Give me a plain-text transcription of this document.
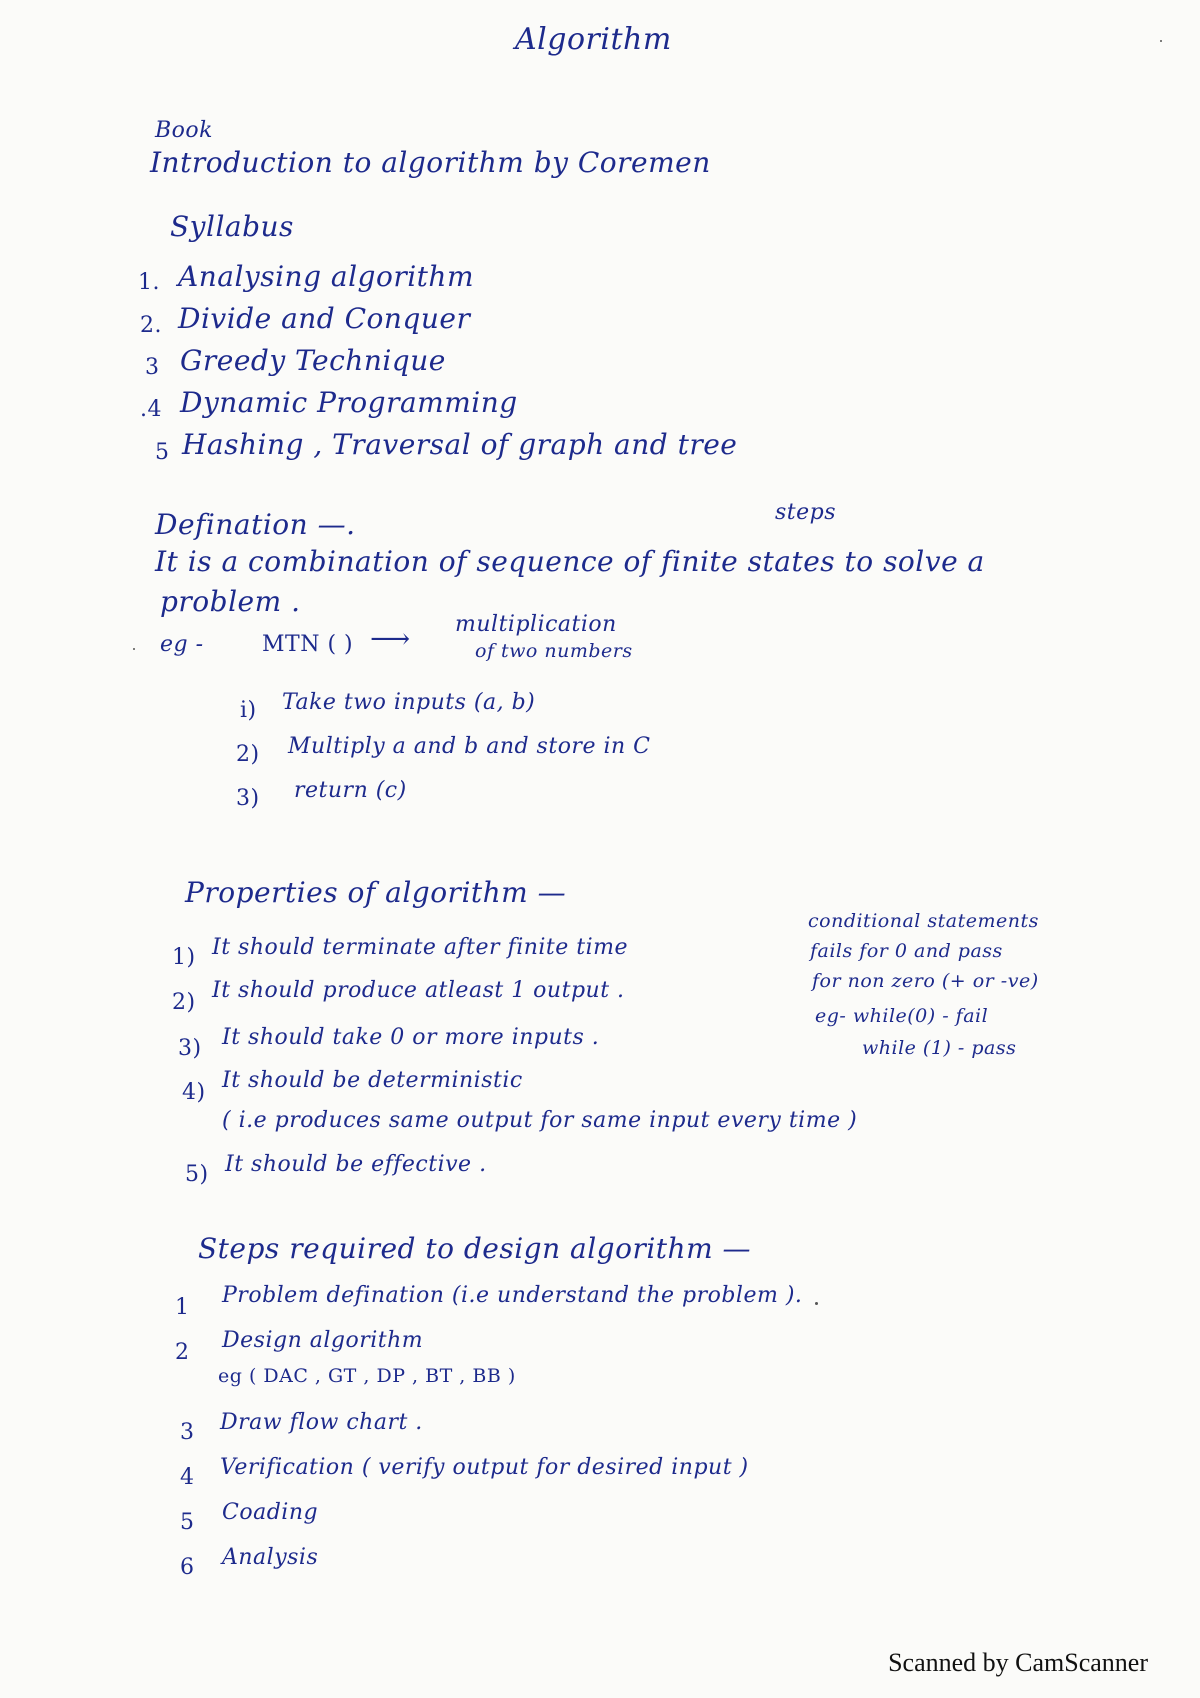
Algorithm
Book
Introduction to algorithm by Coremen
Syllabus
1. Analysing algorithm
2. Divide and Conquer
3 Greedy Technique
.4 Dynamic Programming
5 Hashing , Traversal of graph and tree
Defination —.	steps
It is a combination of sequence of finite states to solve a
problem .
eg -	MTN ( ) ⟶ multiplication
of two numbers
i) Take two inputs (a, b)
2) Multiply a and b and store in C
3) return (c)
Properties of algorithm —
1) It should terminate after finite time
2) It should produce atleast 1 output .
3) It should take 0 or more inputs .
4) It should be deterministic
( i.e produces same output for same input every time )
5) It should be effective .
conditional statements
fails for 0 and pass
for non zero (+ or -ve)
eg- while(0) - fail
while (1) - pass
Steps required to design algorithm —
1 Problem defination (i.e understand the problem ).
2 Design algorithm
eg ( DAC , GT , DP , BT , BB )
3 Draw flow chart .
4 Verification ( verify output for desired input )
5 Coading
6 Analysis
Scanned by CamScanner
